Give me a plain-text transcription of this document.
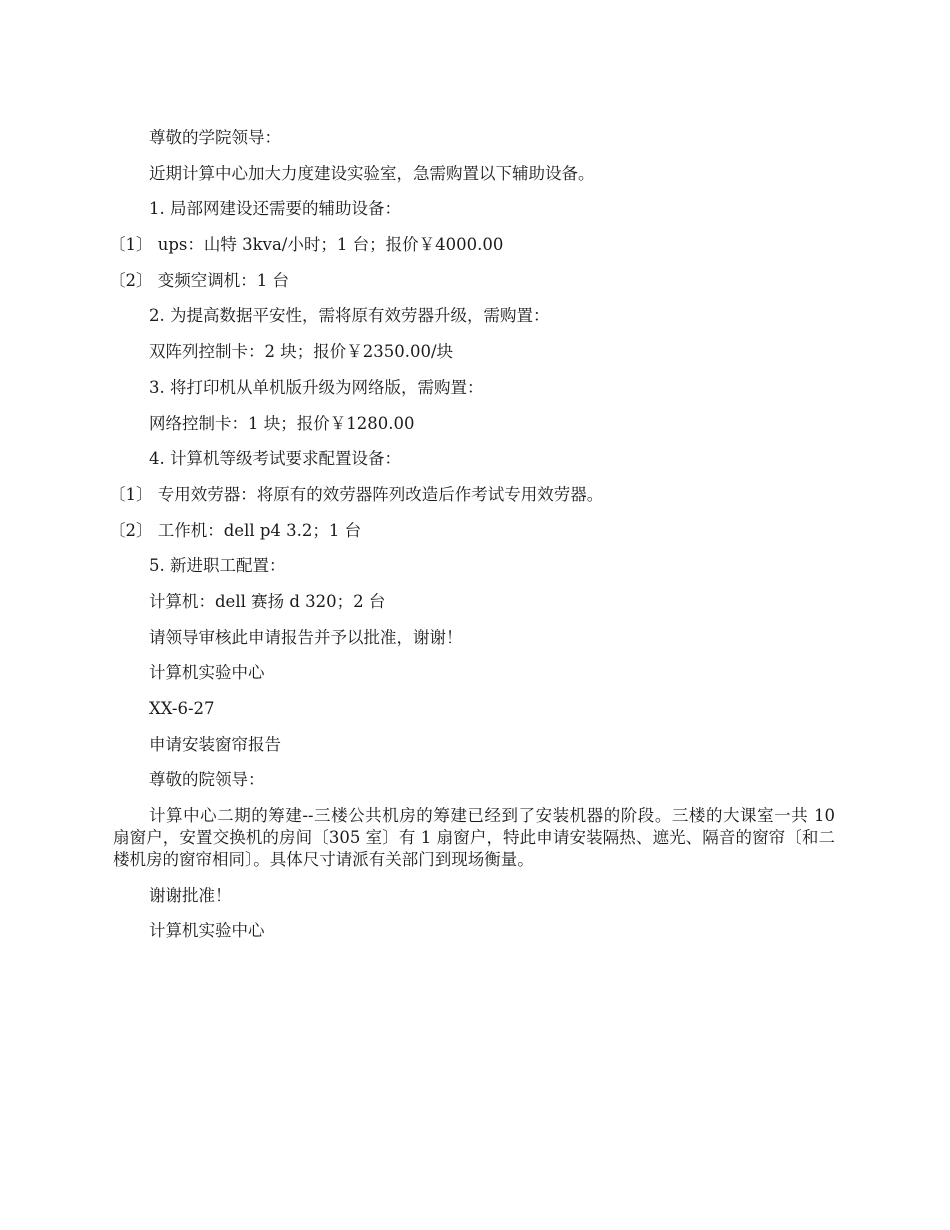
尊敬的学院领导：
近期计算中心加大力度建设实验室，急需购置以下辅助设备。
1. 局部网建设还需要的辅助设备：
〔1〕 ups：山特 3kva/小时；1 台；报价￥4000.00
〔2〕 变频空调机：1 台
2. 为提高数据平安性，需将原有效劳器升级，需购置：
双阵列控制卡：2 块；报价￥2350.00/块
3. 将打印机从单机版升级为网络版，需购置：
网络控制卡：1 块；报价￥1280.00
4. 计算机等级考试要求配置设备：
〔1〕 专用效劳器：将原有的效劳器阵列改造后作考试专用效劳器。
〔2〕 工作机：dell p4 3.2；1 台
5. 新进职工配置：
计算机：dell 赛扬 d 320；2 台
请领导审核此申请报告并予以批准，谢谢！
计算机实验中心
XX-6-27
申请安装窗帘报告
尊敬的院领导：
计算中心二期的筹建--三楼公共机房的筹建已经到了安装机器的阶段。三楼的大课室一共 10 扇窗户，安置交换机的房间〔305 室〕有 1 扇窗户，特此申请安装隔热、遮光、隔音的窗帘〔和二楼机房的窗帘相同〕。具体尺寸请派有关部门到现场衡量。
谢谢批准！
计算机实验中心
